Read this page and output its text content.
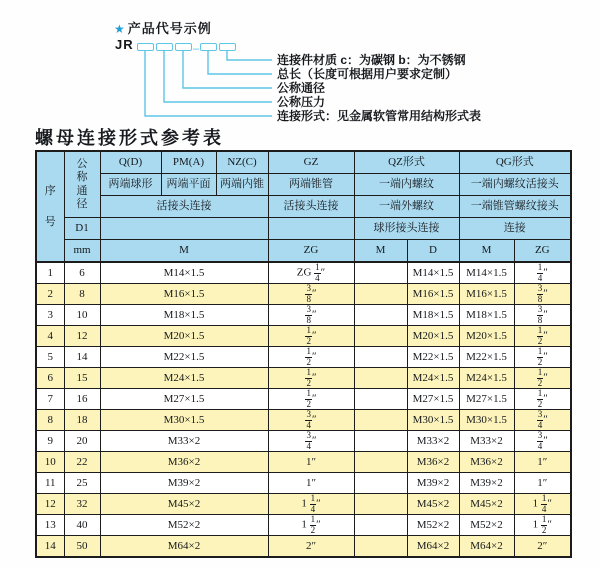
★ 产品代号示例
JR	–
连接件材质 c：为碳钢 b：为不锈钢
总长（长度可根据用户要求定制）
公称通径
公称压力
连接形式：见金属软管常用结构形式表
螺母连接形式参考表
序号	公称通径	Q(D)	PM(A)	NZ(C)	GZ	QZ形式		QG形式	
		两端球形	两端平面	两端内锥	两端锥管	一端内螺纹		一端内螺纹活接头	
		活接头连接			活接头连接	一端外螺纹		一端锥管螺纹接头	
	D1					球形接头连接		连接	
	mm	M			ZG	M	D	M	ZG
1	6	M14×1.5			ZG $\frac{1}{4}$ ″		M14×1.5	M14×1.5	$\frac{1}{4}$ ″
2	8	M16×1.5			$\frac{3}{8}$ ″		M16×1.5	M16×1.5	$\frac{3}{8}$ ″
3	10	M18×1.5			$\frac{3}{8}$ ″		M18×1.5	M18×1.5	$\frac{3}{8}$ ″
4	12	M20×1.5			$\frac{1}{2}$ ″		M20×1.5	M20×1.5	$\frac{1}{2}$ ″
5	14	M22×1.5			$\frac{1}{2}$ ″		M22×1.5	M22×1.5	$\frac{1}{2}$ ″
6	15	M24×1.5			$\frac{1}{2}$ ″		M24×1.5	M24×1.5	$\frac{1}{2}$ ″
7	16	M27×1.5			$\frac{1}{2}$ ″		M27×1.5	M27×1.5	$\frac{1}{2}$ ″
8	18	M30×1.5			$\frac{3}{4}$ ″		M30×1.5	M30×1.5	$\frac{3}{4}$ ″
9	20	M33×2			$\frac{3}{4}$ ″		M33×2	M33×2	$\frac{3}{4}$ ″
10	22	M36×2			1″		M36×2	M36×2	1″
11	25	M39×2			1″		M39×2	M39×2	1″
12	32	M45×2			$1 \frac{1}{4}$ ″		M45×2	M45×2	$1 \frac{1}{4}$ ″
13	40	M52×2			$1 \frac{1}{2}$ ″		M52×2	M52×2	$1 \frac{1}{2}$ ″
14	50	M64×2			2″		M64×2	M64×2	2″
